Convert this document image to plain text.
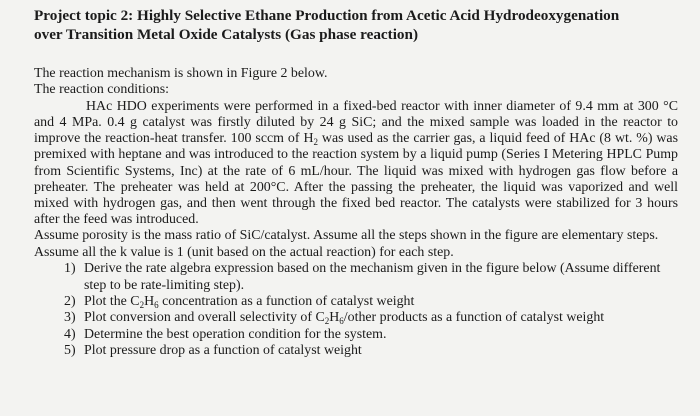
Project topic 2: Highly Selective Ethane Production from Acetic Acid Hydrodeoxygenation
over Transition Metal Oxide Catalysts (Gas phase reaction)

The reaction mechanism is shown in Figure 2 below.
The reaction conditions:

HAc HDO experiments were performed in a fixed-bed reactor with inner diameter of 9.4 mm at 300 °C and 4 MPa. 0.4 g catalyst was firstly diluted by 24 g SiC; and the mixed sample was loaded in the reactor to improve the reaction-heat transfer. 100 sccm of $H_2$ was used as the carrier gas, a liquid feed of HAc (8 wt. %) was premixed with heptane and was introduced to the reaction system by a liquid pump (Series I Metering HPLC Pump from Scientific Systems, Inc) at the rate of 6 mL/hour. The liquid was mixed with hydrogen gas flow before a preheater. The preheater was held at 200°C. After the passing the preheater, the liquid was vaporized and well mixed with hydrogen gas, and then went through the fixed bed reactor. The catalysts were stabilized for 3 hours after the feed was introduced.

Assume porosity is the mass ratio of SiC/catalyst. Assume all the steps shown in the figure are elementary steps. Assume all the k value is 1 (unit based on the actual reaction) for each step.

1) Derive the rate algebra expression based on the mechanism given in the figure below (Assume different step to be rate-limiting step).
2) Plot the $C_2H_6$ concentration as a function of catalyst weight
3) Plot conversion and overall selectivity of $C_2H_6$/other products as a function of catalyst weight
4) Determine the best operation condition for the system.
5) Plot pressure drop as a function of catalyst weight
